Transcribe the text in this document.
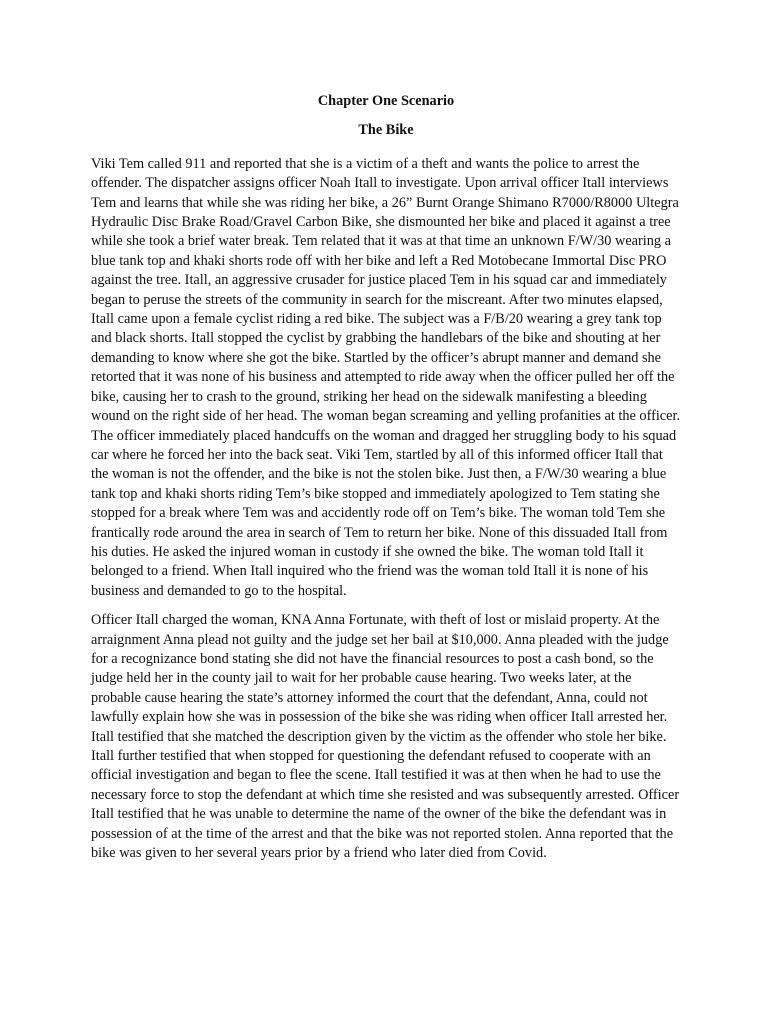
Chapter One Scenario
The Bike

Viki Tem called 911 and reported that she is a victim of a theft and wants the police to arrest the offender. The dispatcher assigns officer Noah Itall to investigate. Upon arrival officer Itall interviews Tem and learns that while she was riding her bike, a 26” Burnt Orange Shimano R7000/R8000 Ultegra Hydraulic Disc Brake Road/Gravel Carbon Bike, she dismounted her bike and placed it against a tree while she took a brief water break. Tem related that it was at that time an unknown F/W/30 wearing a blue tank top and khaki shorts rode off with her bike and left a Red Motobecane Immortal Disc PRO against the tree. Itall, an aggressive crusader for justice placed Tem in his squad car and immediately began to peruse the streets of the community in search for the miscreant. After two minutes elapsed, Itall came upon a female cyclist riding a red bike. The subject was a F/B/20 wearing a grey tank top and black shorts. Itall stopped the cyclist by grabbing the handlebars of the bike and shouting at her demanding to know where she got the bike. Startled by the officer’s abrupt manner and demand she retorted that it was none of his business and attempted to ride away when the officer pulled her off the bike, causing her to crash to the ground, striking her head on the sidewalk manifesting a bleeding wound on the right side of her head. The woman began screaming and yelling profanities at the officer. The officer immediately placed handcuffs on the woman and dragged her struggling body to his squad car where he forced her into the back seat. Viki Tem, startled by all of this informed officer Itall that the woman is not the offender, and the bike is not the stolen bike. Just then, a F/W/30 wearing a blue tank top and khaki shorts riding Tem’s bike stopped and immediately apologized to Tem stating she stopped for a break where Tem was and accidently rode off on Tem’s bike. The woman told Tem she frantically rode around the area in search of Tem to return her bike. None of this dissuaded Itall from his duties. He asked the injured woman in custody if she owned the bike. The woman told Itall it belonged to a friend. When Itall inquired who the friend was the woman told Itall it is none of his business and demanded to go to the hospital.

Officer Itall charged the woman, KNA Anna Fortunate, with theft of lost or mislaid property. At the arraignment Anna plead not guilty and the judge set her bail at $10,000. Anna pleaded with the judge for a recognizance bond stating she did not have the financial resources to post a cash bond, so the judge held her in the county jail to wait for her probable cause hearing. Two weeks later, at the probable cause hearing the state’s attorney informed the court that the defendant, Anna, could not lawfully explain how she was in possession of the bike she was riding when officer Itall arrested her. Itall testified that she matched the description given by the victim as the offender who stole her bike. Itall further testified that when stopped for questioning the defendant refused to cooperate with an official investigation and began to flee the scene. Itall testified it was at then when he had to use the necessary force to stop the defendant at which time she resisted and was subsequently arrested. Officer Itall testified that he was unable to determine the name of the owner of the bike the defendant was in possession of at the time of the arrest and that the bike was not reported stolen. Anna reported that the bike was given to her several years prior by a friend who later died from Covid.
